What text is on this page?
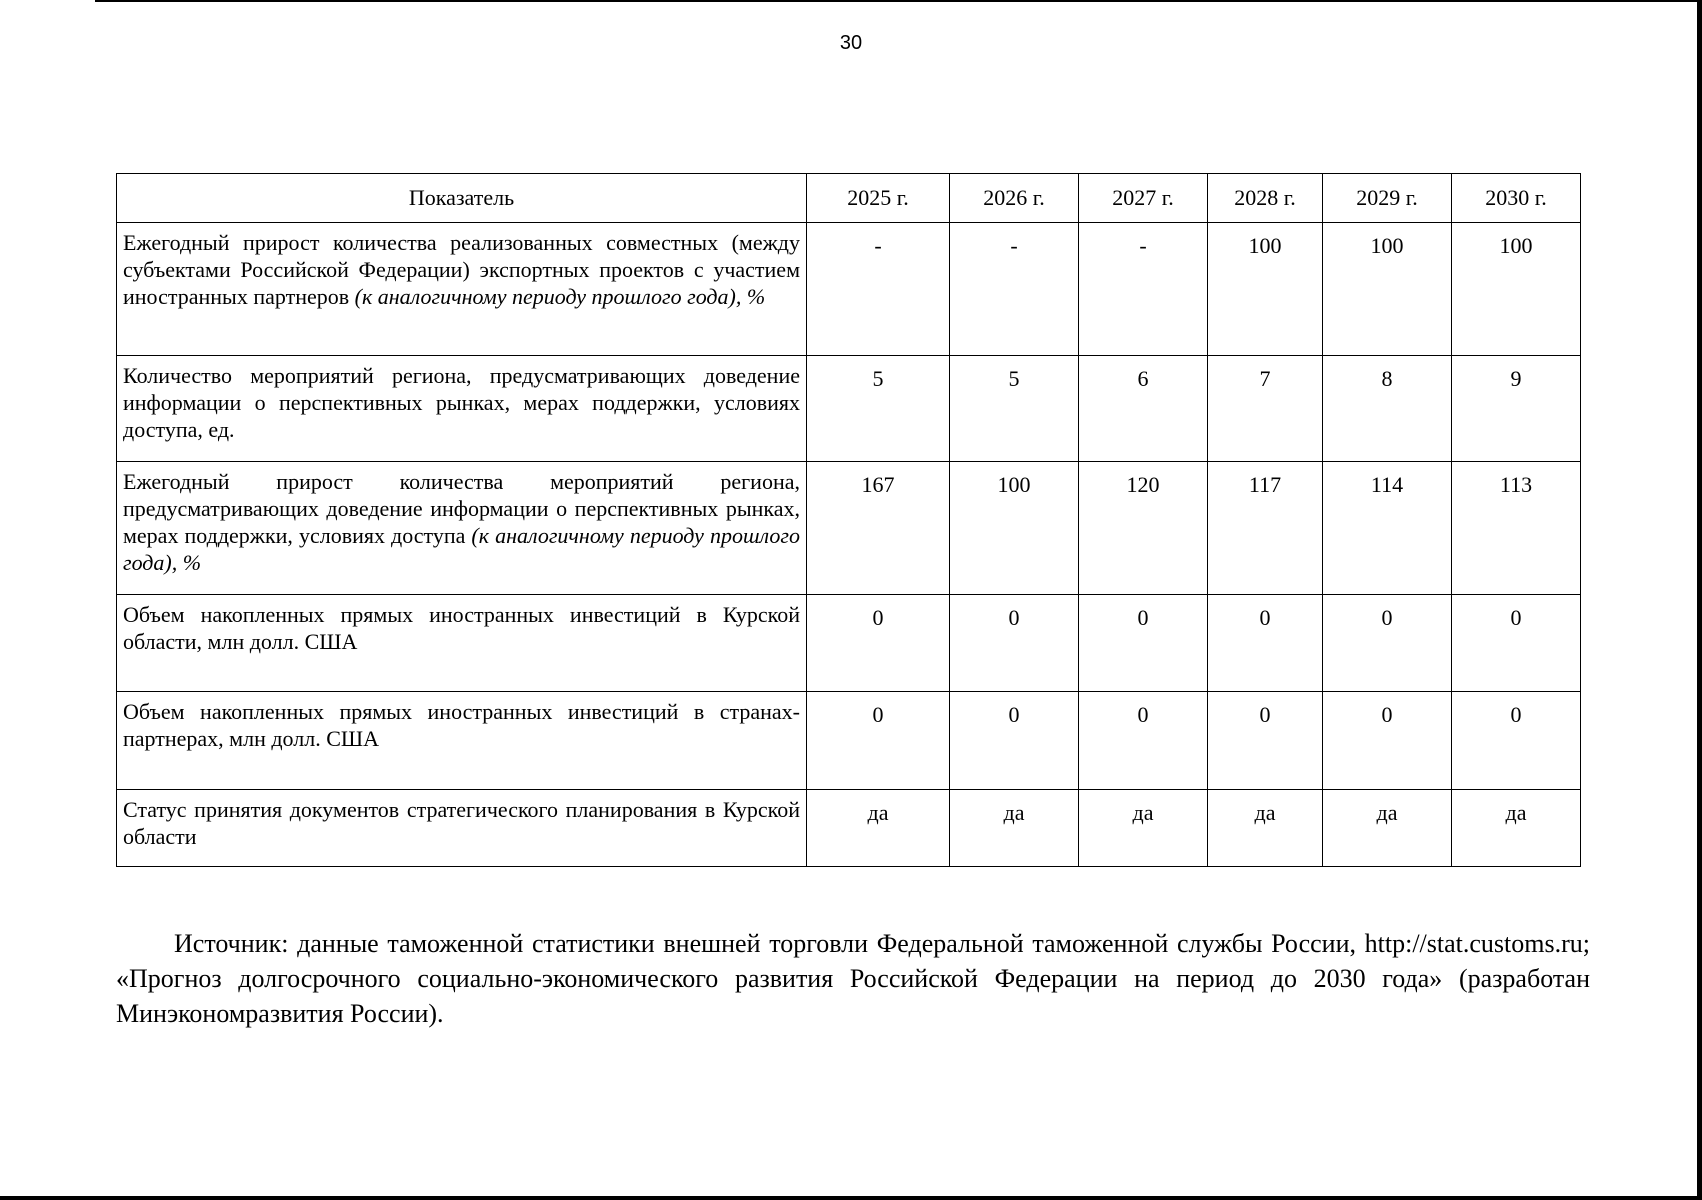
30
Показатель	2025 г.	2026 г.	2027 г.	2028 г.	2029 г.	2030 г.
Ежегодный прирост количества реализованных совместных (между субъектами Российской Федерации) экспортных проектов с участием иностранных партнеров (к аналогичному периоду прошлого года), %	-	-	-	100	100	100
Количество мероприятий региона, предусматривающих доведение информации о перспективных рынках, мерах поддержки, условиях доступа, ед.	5	5	6	7	8	9
Ежегодный прирост количества мероприятий региона, предусматривающих доведение информации о перспективных рынках, мерах поддержки, условиях доступа (к аналогичному периоду прошлого года), %	167	100	120	117	114	113
Объем накопленных прямых иностранных инвестиций в Курской области, млн долл. США	0	0	0	0	0	0
Объем накопленных прямых иностранных инвестиций в странах-партнерах, млн долл. США	0	0	0	0	0	0
Статус принятия документов стратегического планирования в Курской области	да	да	да	да	да	да

Источник: данные таможенной статистики внешней торговли Федеральной таможенной службы России, http://stat.customs.ru; «Прогноз долгосрочного социально-экономического развития Российской Федерации на период до 2030 года» (разработан Минэкономразвития России).
